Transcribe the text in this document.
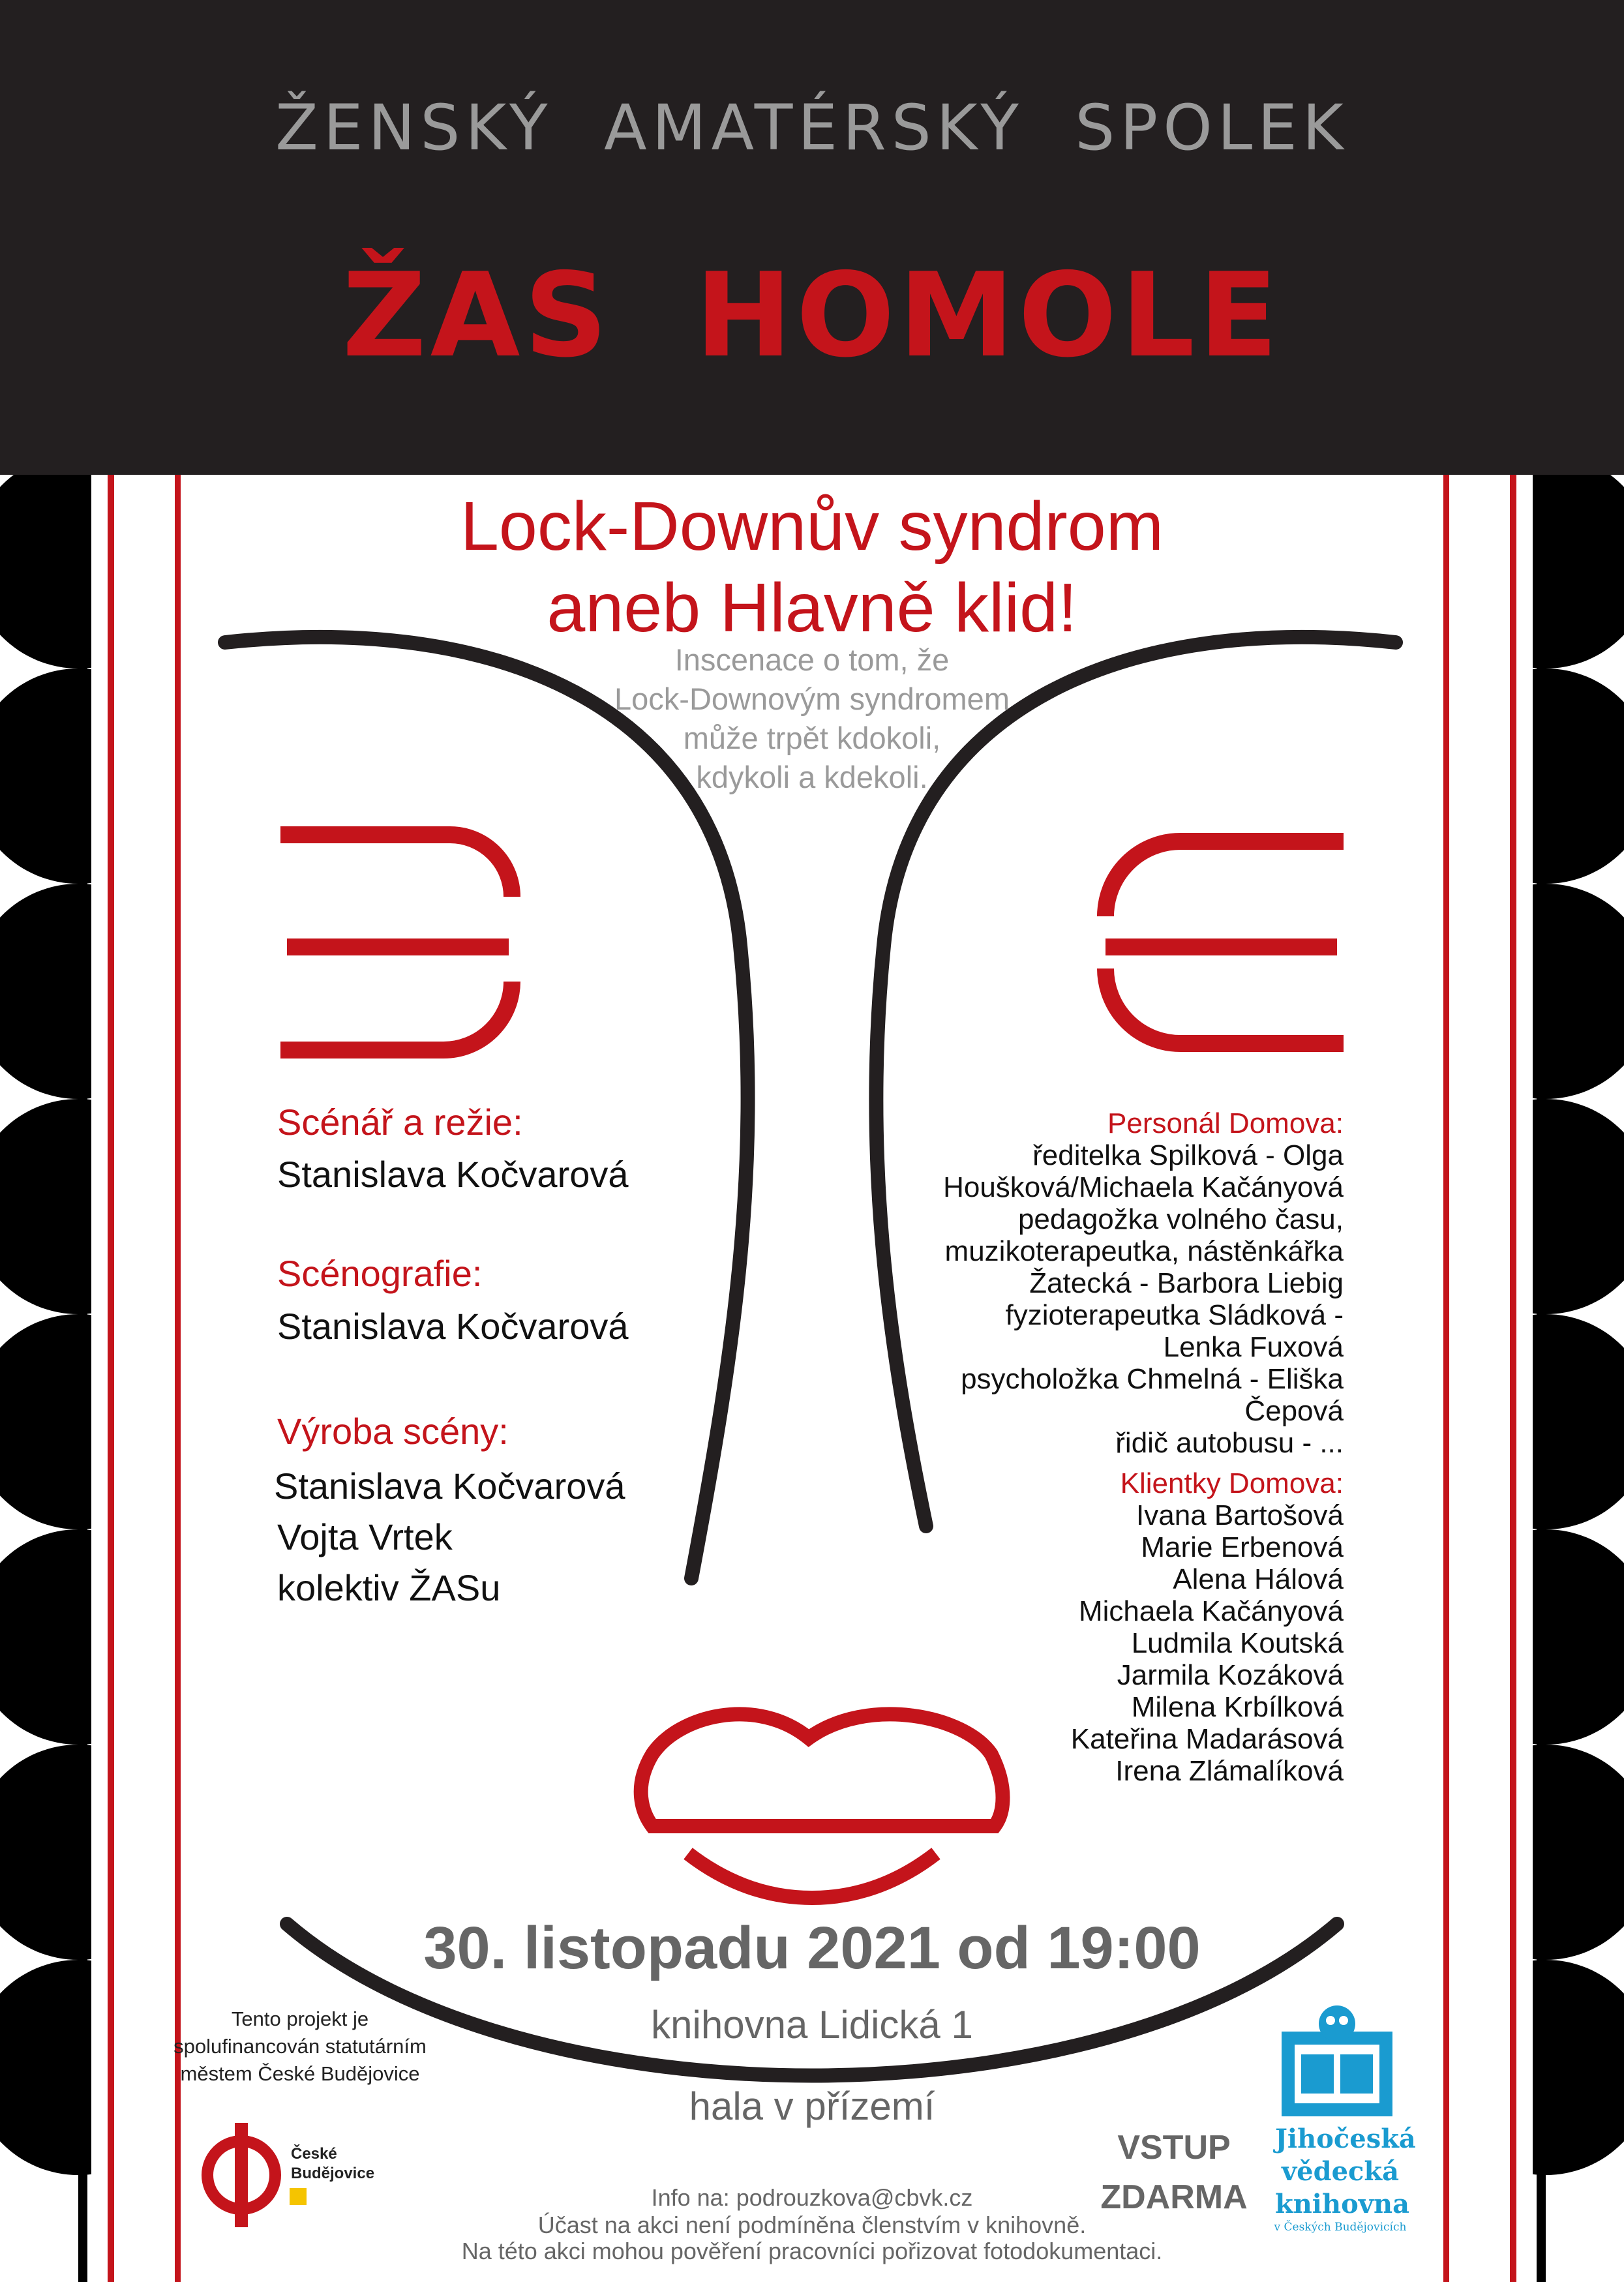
ŽENSKÝ AMATÉRSKÝ SPOLEK
ŽAS HOMOLE
Lock-Downův syndrom
aneb Hlavně klid!
Inscenace o tom, že
Lock-Downovým syndromem
může trpět kdokoli,
kdykoli a kdekoli.
Scénář a režie:
Stanislava Kočvarová
Scénografie:
Stanislava Kočvarová
Výroba scény:
Stanislava Kočvarová
Vojta Vrtek
kolektiv ŽASu
Personál Domova:
ředitelka Spilková - Olga
Houšková/Michaela Kačányová
pedagožka volného času,
muzikoterapeutka, nástěnkářka
Žatecká - Barbora Liebig
fyzioterapeutka Sládková -
Lenka Fuxová
psycholožka Chmelná - Eliška
Čepová
řidič autobusu - ...
Klientky Domova:
Ivana Bartošová
Marie Erbenová
Alena Hálová
Michaela Kačányová
Ludmila Koutská
Jarmila Kozáková
Milena Krbílková
Kateřina Madarásová
Irena Zlámalíková
30. listopadu 2021 od 19:00
knihovna Lidická 1
hala v přízemí
Tento projekt je spolufinancován statutárním městem České Budějovice
České
Budějovice
VSTUP
ZDARMA
Jihočeská
vědecká
knihovna
v Českých Budějovicích
Info na: podrouzkova@cbvk.cz
Účast na akci není podmíněna členstvím v knihovně.
Na této akci mohou pověření pracovníci pořizovat fotodokumentaci.
